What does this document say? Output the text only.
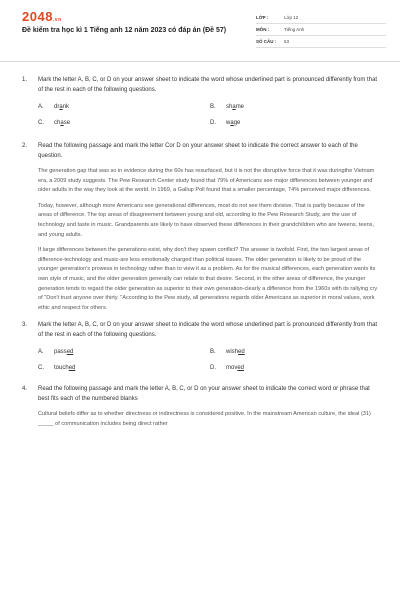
2048.vn
Đề kiểm tra học kì 1 Tiếng anh 12 năm 2023 có đáp án (Đề 57)
LỚP :	Lớp 12
MÔN :	Tiếng Anh
SỐ CÂU :	53
1.	Mark the letter A, B, C, or D on your answer sheet to indicate the word whose underlined part is pronounced differently from that of the rest in each of the following questions.
A.	drank	B.	shame
C.	chase	D.	wage
2.	Read the following passage and mark the letter Cor D on your answer sheet to indicate the correct answer to each of the question.

The generation gap that was so in evidence during the 60s has resurfaced, but it is not the disruptive force that it was duringthe Vietnam era, a 2009 study suggests. The Pew Research Center study found that 79% of Americans see major differences between younger and older adults in the way they look at the world. In 1969, a Gallup Poll found that a smaller percentage, 74% perceived major differences.

Today, however, although more Americans see generational differences, most do not see them divisive. That is partly because of the areas of difference. The top areas of disagreement between young and old, according to the Pew Research Study, are the use of technology and taste in music. Grandparents are likely to have observed these differences in their grandchildren who are tweens, teens, and young adults.

If large differences between the generations exist, why don't they spawn conflict? The answer is twofold. First, the two largest areas of difference-technology and music-are less emotionally charged than political issues. The older generation is likely to be proud of the younger generation's prowess in technology rather than to view it as a problem. As for the musical differences, each generation wants its own style of music, and the older generation generally can relate to that desire. Second, in the other areas of difference, the younger generation tends to regard the older generation as superior to their own generation-clearly a difference from the 1960s with its rallying cry of "Don't trust anyone over thirty. "According to the Pew study, all generations regards older Americans as superior in moral values, work ethic and respect for others.

3.	Mark the letter A, B, C, or D on your answer sheet to indicate the word whose underlined part is pronounced differently from that of the rest in each of the following questions.
A.	passed	B.	wished
C.	touched	D.	moved
4.	Read the following passage and mark the letter A, B, C, or D on your answer sheet to indicate the correct word or phrase that best fits each of the numbered blanks

Cultural beliefs differ as to whether directness or indirectness is considered positive. In the mainstream American culture, the ideal (31) _____ of communication includes being direct rather
